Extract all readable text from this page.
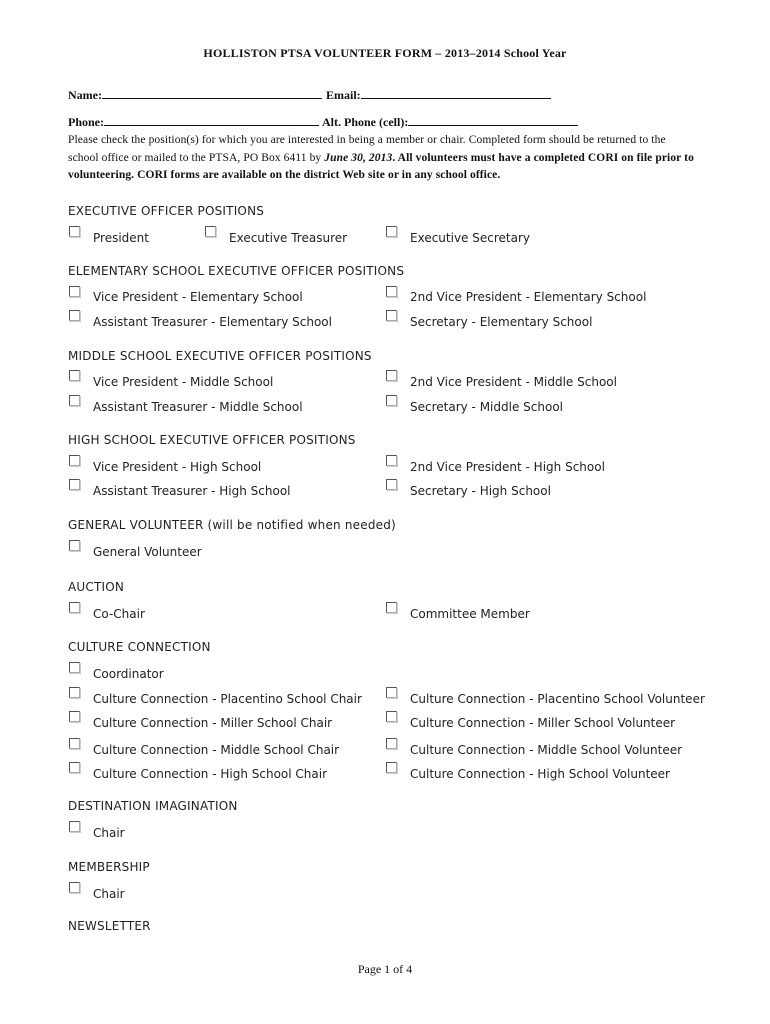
HOLLISTON PTSA VOLUNTEER FORM – 2013–2014 School Year
Name:	Email:
Phone:	Alt. Phone (cell):
Please check the position(s) for which you are interested in being a member or chair. Completed form should be returned to the school office or mailed to the PTSA, PO Box 6411 by June 30, 2013. All volunteers must have a completed CORI on file prior to volunteering. CORI forms are available on the district Web site or in any school office.
EXECUTIVE OFFICER POSITIONS
President	Executive Treasurer	Executive Secretary
ELEMENTARY SCHOOL EXECUTIVE OFFICER POSITIONS
Vice President - Elementary School	2nd Vice President - Elementary School
Assistant Treasurer - Elementary School	Secretary - Elementary School
MIDDLE SCHOOL EXECUTIVE OFFICER POSITIONS
Vice President - Middle School	2nd Vice President - Middle School
Assistant Treasurer - Middle School	Secretary - Middle School
HIGH SCHOOL EXECUTIVE OFFICER POSITIONS
Vice President - High School	2nd Vice President - High School
Assistant Treasurer - High School	Secretary - High School
GENERAL VOLUNTEER (will be notified when needed)
General Volunteer
AUCTION
Co-Chair	Committee Member
CULTURE CONNECTION
Coordinator
Culture Connection - Placentino School Chair	Culture Connection - Placentino School Volunteer
Culture Connection - Miller School Chair	Culture Connection - Miller School Volunteer
Culture Connection - Middle School Chair	Culture Connection - Middle School Volunteer
Culture Connection - High School Chair	Culture Connection - High School Volunteer
DESTINATION IMAGINATION
Chair
MEMBERSHIP
Chair
NEWSLETTER
Page 1 of 4
